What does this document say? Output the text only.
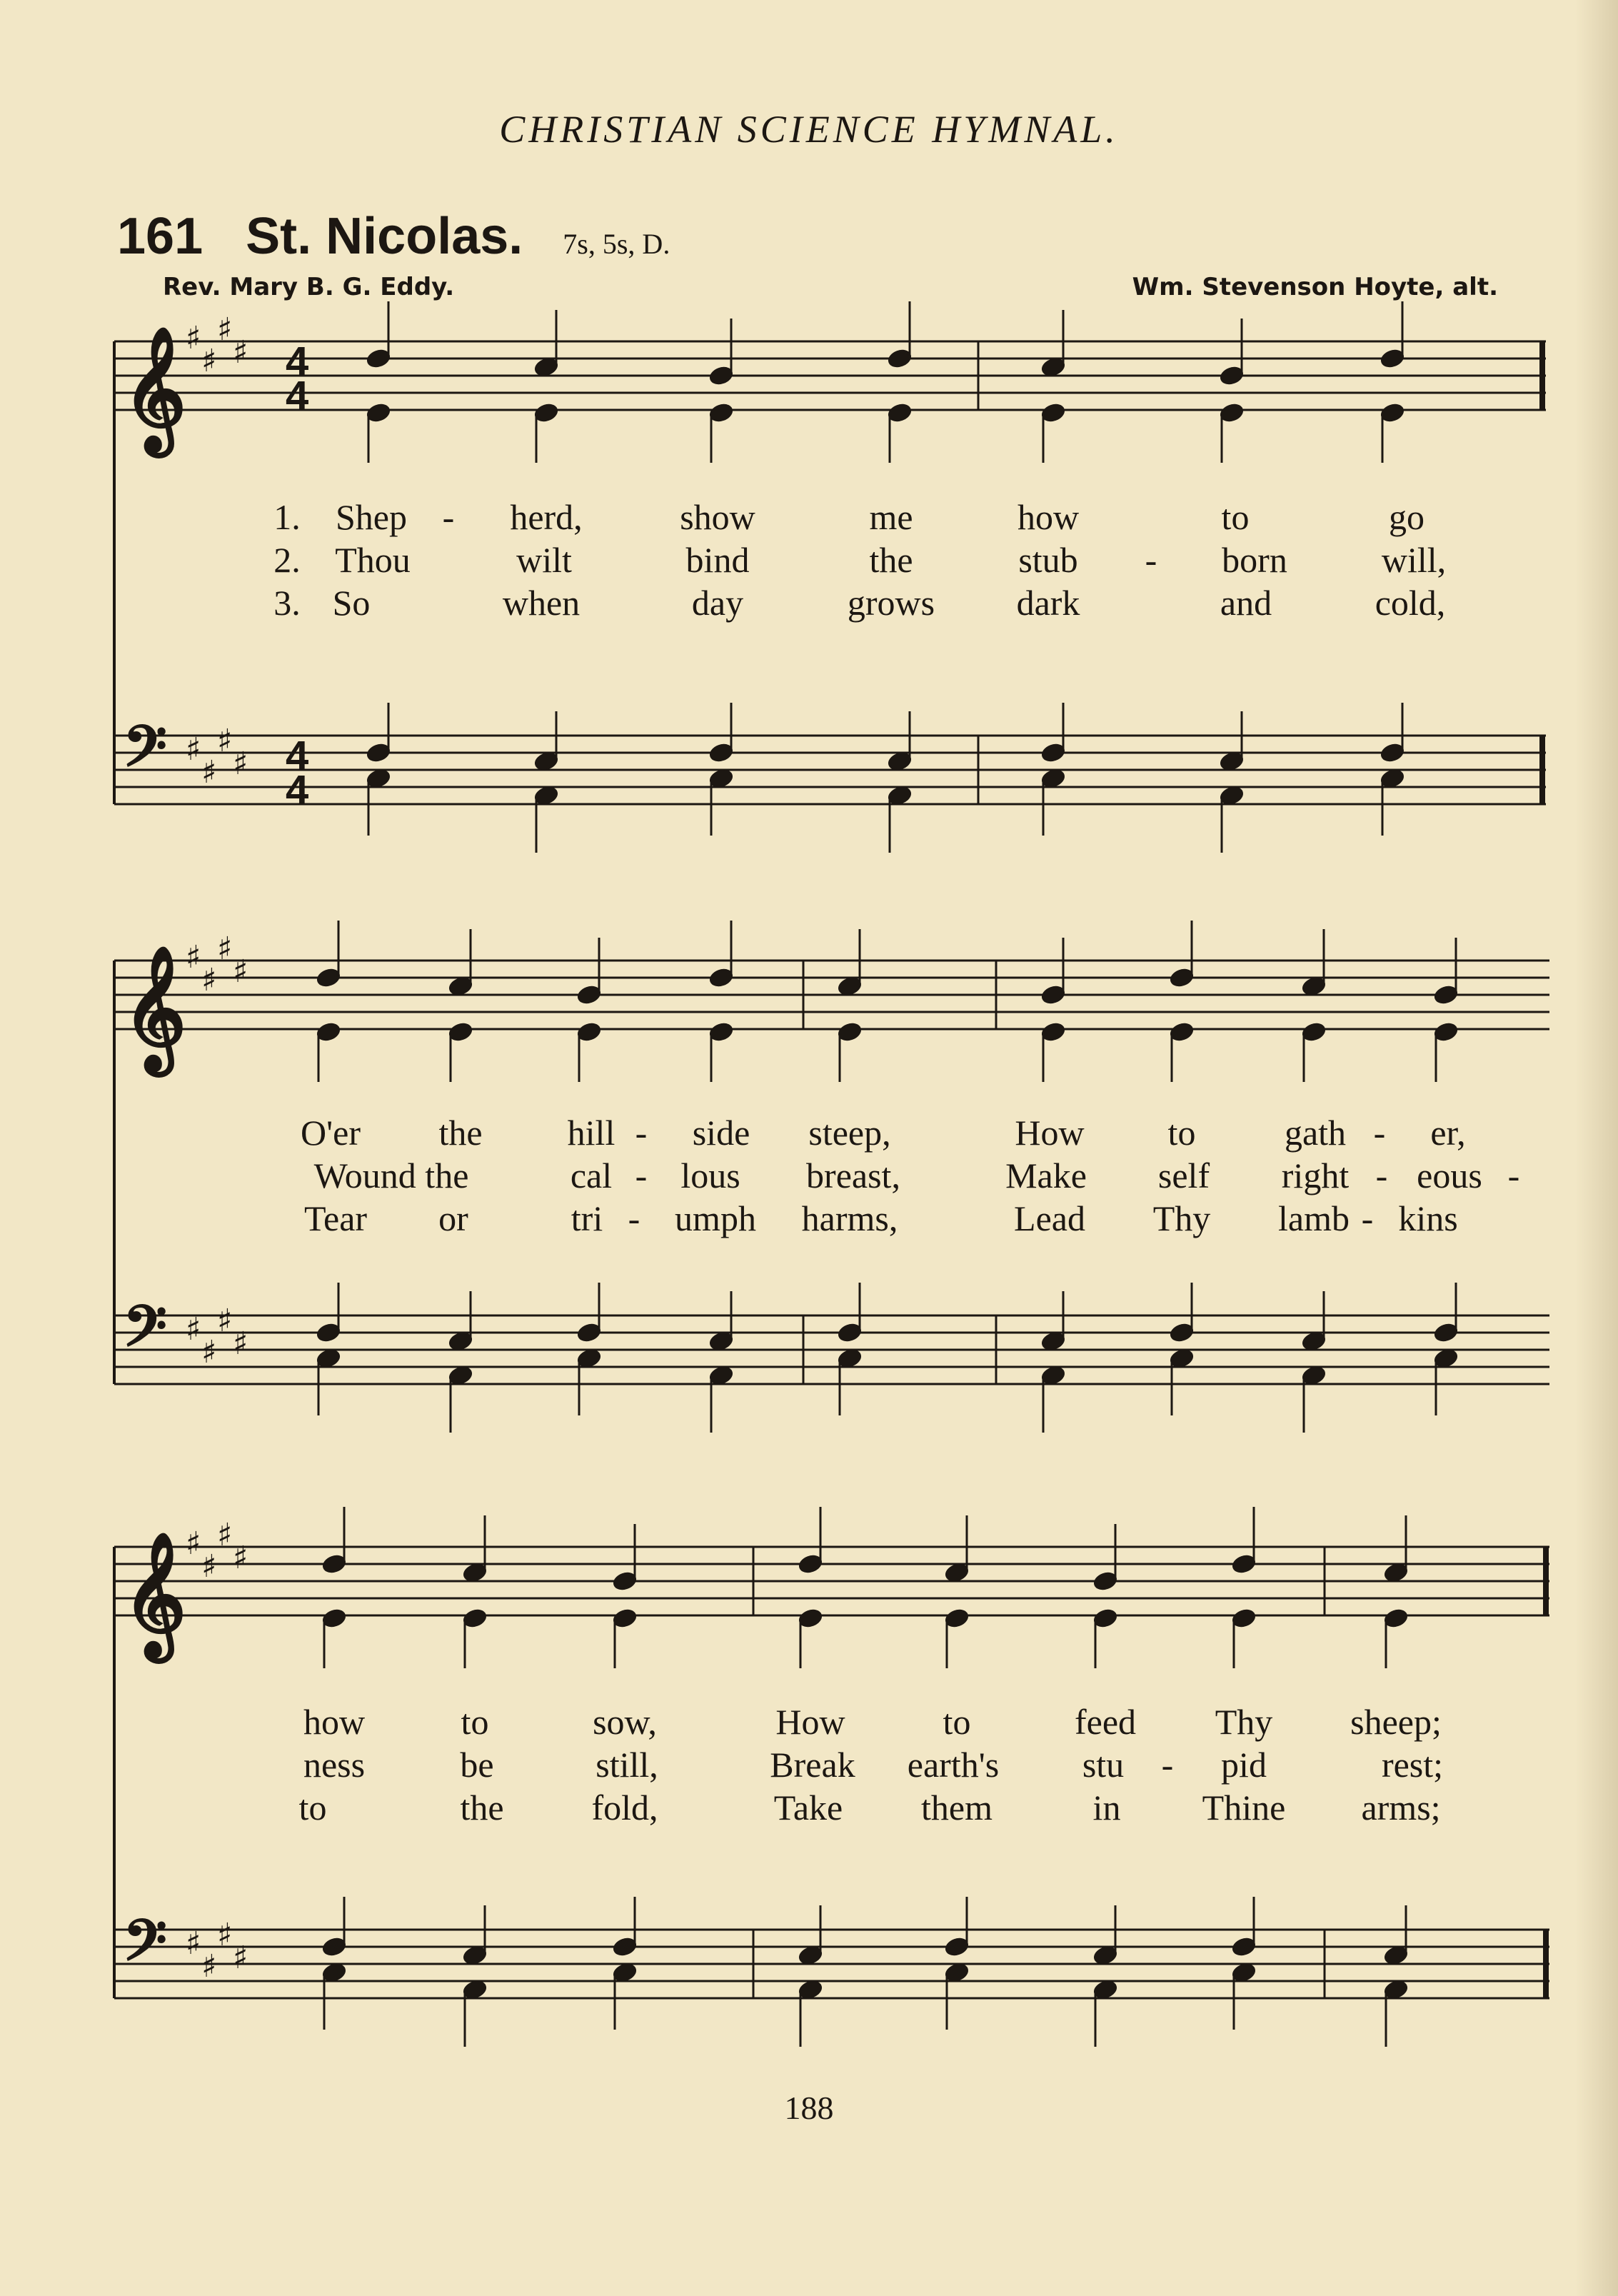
CHRISTIAN SCIENCE HYMNAL.
161 St. Nicolas. 7s, 5s, D.
Rev. Mary B. G. Eddy.	Wm. Stevenson Hoyte, alt.
𝄞
𝄢
♯
♯
♯
♯
♯
♯
♯
♯
4
4
4
4
𝄞
𝄢
♯
♯
♯
♯
♯
♯
♯
♯
𝄞
𝄢
♯
♯
♯
♯
♯
♯
♯
♯
1. Shep - herd,	show	me	how	to	go
2. Thou	wilt	bind	the	stub - born	will,
3. So	when	day	grows dark	and	cold,
O'er the hill - side steep,	How to gath - er,
Wound the	cal - lous breast,	Make self right - eous -
Tear or	tri - umph harms,	Lead Thy lamb - kins
how	to	sow,	How	to	feed Thy sheep;
ness	be	still,	Break earth's stu - pid	rest;
to	the fold,	Take them	in Thine arms;
188
